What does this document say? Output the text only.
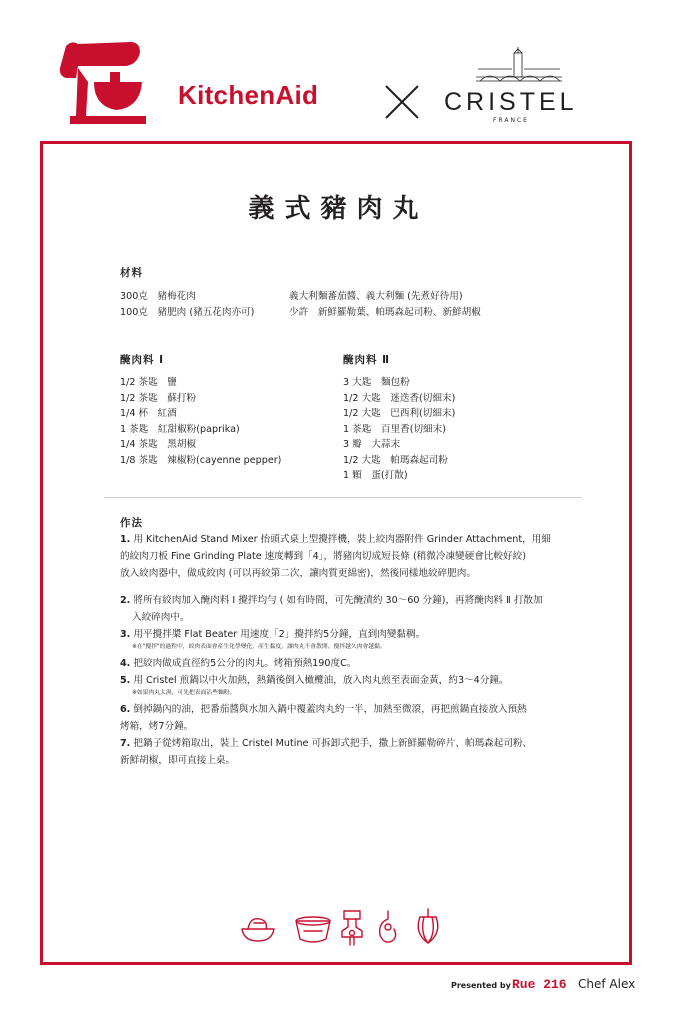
KitchenAid	CRISTEL
FRANCE
義式豬肉丸
材料

300克　豬梅花肉

100克　豬肥肉 (豬五花肉亦可)

義大利麵蕃茄醬、義大利麵 (先煮好待用)

少許　新鮮羅勒葉、帕瑪森起司粉、新鮮胡椒

醃肉料 Ⅰ

1/2 茶匙　鹽

1/2 茶匙　蘇打粉

1/4 杯　紅酒

1 茶匙　紅甜椒粉(paprika)

1/4 茶匙　黑胡椒

1/8 茶匙　辣椒粉(cayenne pepper)

醃肉料 Ⅱ

3 大匙　麵包粉

1/2 大匙　迷迭香(切細末)

1/2 大匙　巴西利(切細末)

1 茶匙　百里香(切細末)

3 瓣　大蒜末

1/2 大匙　帕瑪森起司粉

1 顆　蛋(打散)

作法

1. 用 KitchenAid Stand Mixer 抬頭式桌上型攪拌機，裝上絞肉器附件 Grinder Attachment，用細

的絞肉刀板 Fine Grinding Plate 速度轉到「4」，將豬肉切成短長條 (稍微冷凍變硬會比較好絞)

放入絞肉器中，做成絞肉 (可以再絞第二次，讓肉質更綿密)，然後同樣地絞碎肥肉。

2. 將所有絞肉加入醃肉料 Ⅰ 攪拌均勻 ( 如有時間，可先醃漬約 30～60 分鐘)，再將醃肉料 Ⅱ 打散加

入絞碎肉中。

3. 用平攪拌槳 Flat Beater 用速度「2」攪拌約5分鐘，直到肉變黏稠。

※在"攪拌"的過程中，絞肉表面會產生化學變化，產生黏度，讓肉丸不會散開。攪拌越久肉會越黏。

4. 把絞肉做成直徑約5公分的肉丸。烤箱預熱190度C。

5. 用 Cristel 煎鍋以中火加熱，熱鍋後倒入橄欖油，放入肉丸煎至表面金黃，約3～4分鐘。

※如果肉丸太濕，可先把表面沾些麵粉。

6. 倒掉鍋內的油，把番茄醬與水加入鍋中覆蓋肉丸約一半，加熱至微滾，再把煎鍋直接放入預熱

烤箱，烤7分鐘。

7. 把鍋子從烤箱取出，裝上 Cristel Mutine 可拆卸式把手，撒上新鮮羅勒碎片、帕瑪森起司粉、

新鮮胡椒，即可直接上桌。

Presented by Rue 216 Chef Alex
